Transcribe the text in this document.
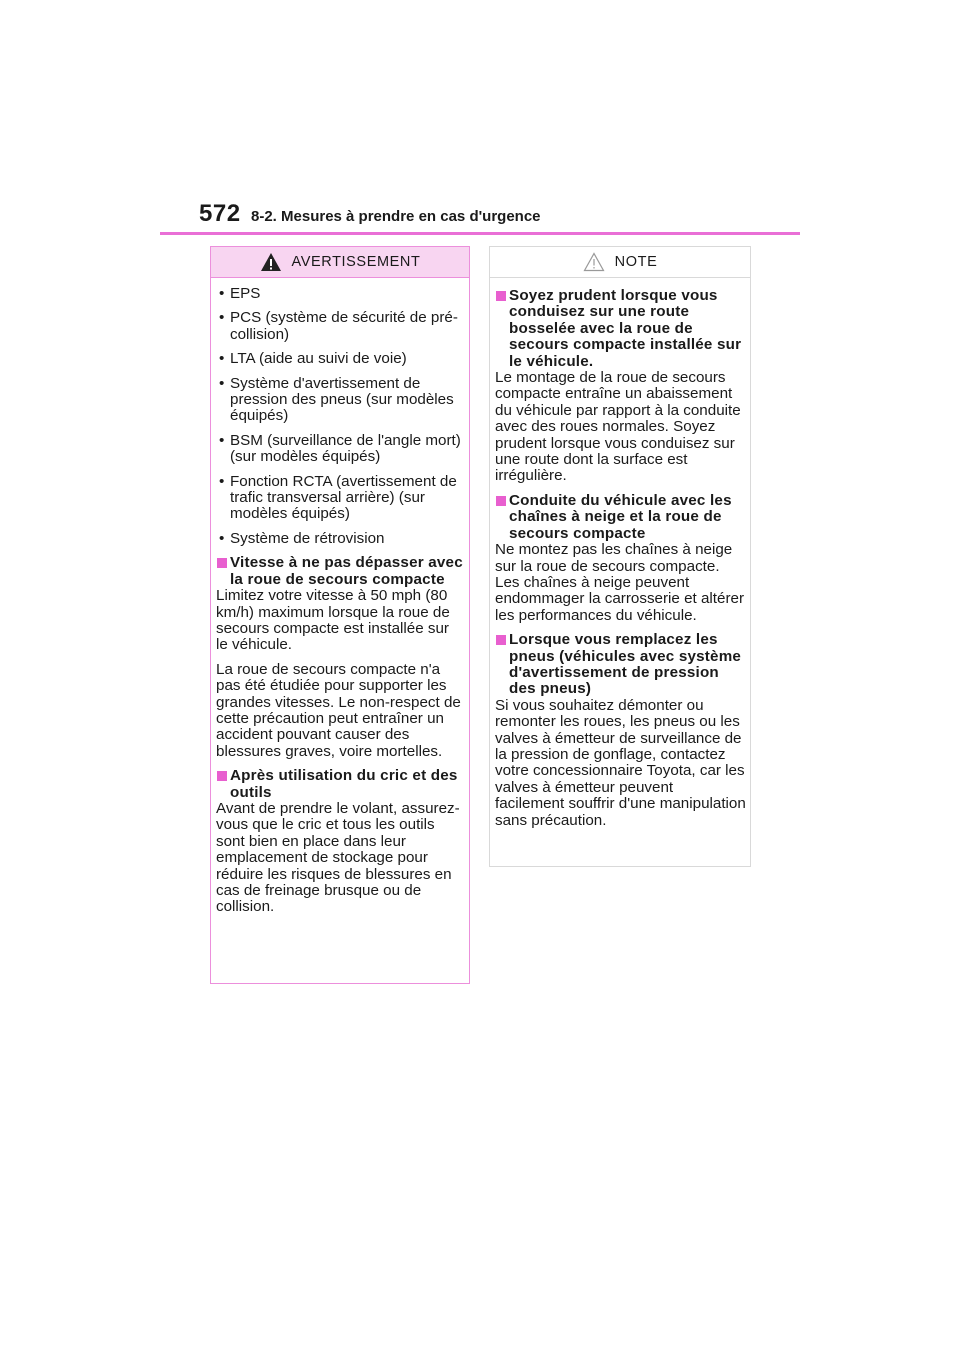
572 8-2. Mesures à prendre en cas d'urgence
AVERTISSEMENT
• EPS
• PCS (système de sécurité de pré-collision)
• LTA (aide au suivi de voie)
• Système d'avertissement de pression des pneus (sur modèles équipés)
• BSM (surveillance de l'angle mort) (sur modèles équipés)
• Fonction RCTA (avertissement de trafic transversal arrière) (sur modèles équipés)
• Système de rétrovision
Vitesse à ne pas dépasser avec la roue de secours compacte

Limitez votre vitesse à 50 mph (80 km/h) maximum lorsque la roue de secours compacte est installée sur le véhicule.

La roue de secours compacte n'a pas été étudiée pour supporter les grandes vitesses. Le non-respect de cette précaution peut entraîner un accident pouvant causer des blessures graves, voire mortelles.

Après utilisation du cric et des outils

Avant de prendre le volant, assurez-vous que le cric et tous les outils sont bien en place dans leur emplacement de stockage pour réduire les risques de blessures en cas de freinage brusque ou de collision.

NOTE
Soyez prudent lorsque vous conduisez sur une route bosselée avec la roue de secours compacte installée sur le véhicule.

Le montage de la roue de secours compacte entraîne un abaissement du véhicule par rapport à la conduite avec des roues normales. Soyez prudent lorsque vous conduisez sur une route dont la surface est irrégulière.

Conduite du véhicule avec les chaînes à neige et la roue de secours compacte

Ne montez pas les chaînes à neige sur la roue de secours compacte. Les chaînes à neige peuvent endommager la carrosserie et altérer les performances du véhicule.

Lorsque vous remplacez les pneus (véhicules avec système d'avertissement de pression des pneus)

Si vous souhaitez démonter ou remonter les roues, les pneus ou les valves à émetteur de surveillance de la pression de gonflage, contactez votre concessionnaire Toyota, car les valves à émetteur peuvent facilement souffrir d'une manipulation sans précaution.
